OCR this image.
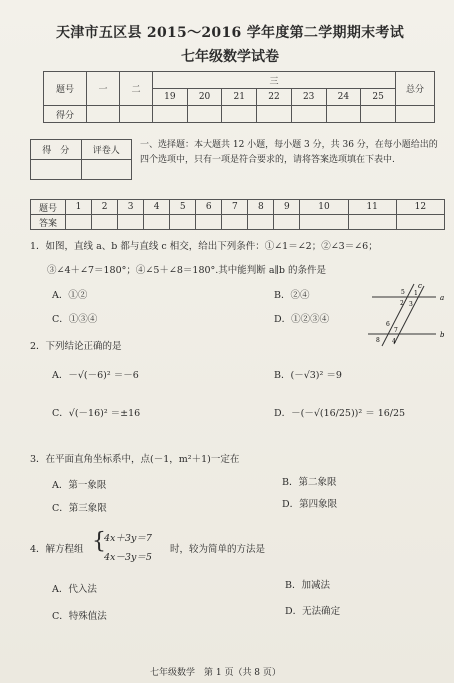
天津市五区县 2015～2016 学年度第二学期期末考试
七年级数学试卷
题号	一	二	三							总分
			19	20	21	22	23	24	25	
得分										
得　分	评卷人

一、选择题：本大题共 12 小题，每小题 3 分，共 36 分，在每小题给出的四个选项中，只有一项是符合要求的，请将答案选项填在下表中.
题号	1	2	3	4	5	6	7	8	9	10	11	12
答案												
1．如图，直线 a、b 都与直线 c 相交，给出下列条件：①∠1＝∠2；②∠3＝∠6；
③∠4＋∠7＝180°；④∠5＋∠8＝180°.其中能判断 a∥b 的条件是
A．①②	B．②④
C．①③④	D．①②③④
c
a
b
5 1
2 3
6
7
8 4
2．下列结论正确的是
A．－√(－6)² ＝－6	B．(－√3)² ＝9
C．√(－16)² ＝±16	D．－(－√(16/25))² ＝ 16/25
3．在平面直角坐标系中，点(－1，m²＋1)一定在
A．第一象限	B．第二象限
C．第三象限	D．第四象限
4．解方程组 {
4x＋3y＝7
4x－3y＝5
时，较为简单的方法是
A．代入法	B．加减法
C．特殊值法	D．无法确定
七年级数学　第 1 页（共 8 页）
